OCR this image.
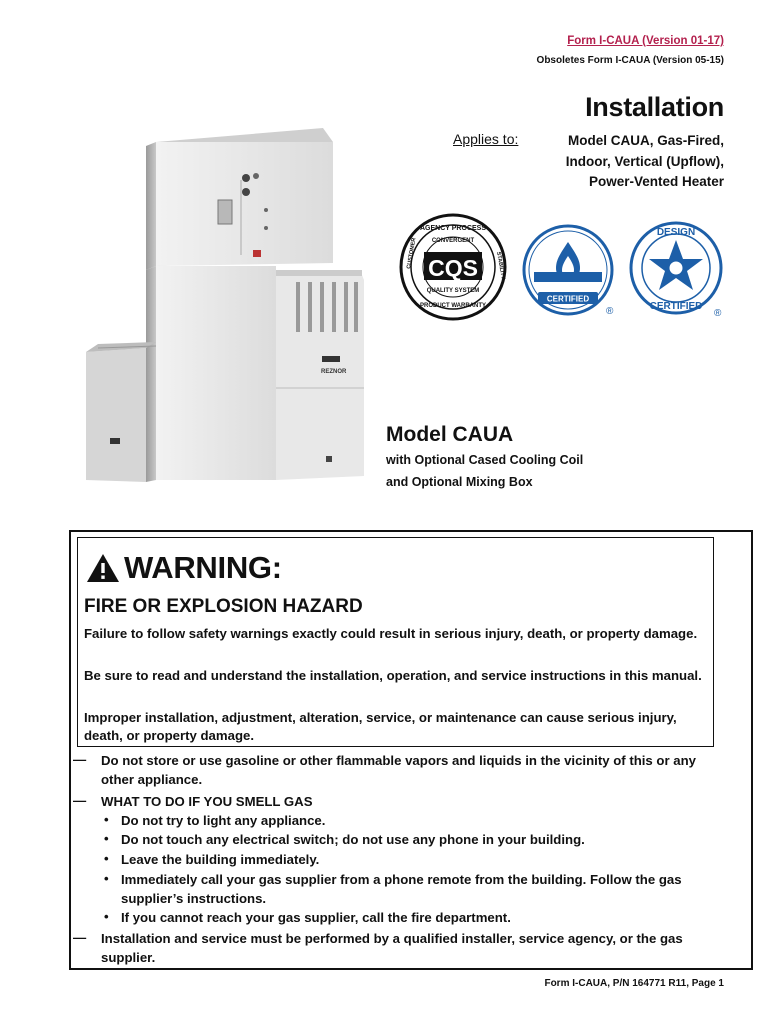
Form I-CAUA (Version 01-17)
Obsoletes Form I-CAUA (Version 05-15)
Installation
Applies to:	Model CAUA, Gas-Fired,
Indoor, Vertical (Upflow),
Power-Vented Heater
REZNOR
CQS
AGENCY PROCESS
CONVERGENT
CUSTOMER	STABILITY
QUALITY SYSTEM
PRODUCT WARRANTY
CERTIFIED
®
DESIGN
CERTIFIED
®
Model CAUA
with Optional Cased Cooling Coil
and Optional Mixing Box
WARNING:
FIRE OR EXPLOSION HAZARD
Failure to follow safety warnings exactly could result in serious injury, death, or property damage.
Be sure to read and understand the installation, operation, and service instructions in this manual.
Improper installation, adjustment, alteration, service, or maintenance can cause serious injury, death, or property damage.
— Do not store or use gasoline or other flammable vapors and liquids in the vicinity of this or any other appliance.
— WHAT TO DO IF YOU SMELL GAS
• Do not try to light any appliance.
• Do not touch any electrical switch; do not use any phone in your building.
• Leave the building immediately.
• Immediately call your gas supplier from a phone remote from the building. Follow the gas supplier’s instructions.
• If you cannot reach your gas supplier, call the fire department.
— Installation and service must be performed by a qualified installer, service agency, or the gas supplier.
Form I-CAUA, P/N 164771 R11, Page 1
